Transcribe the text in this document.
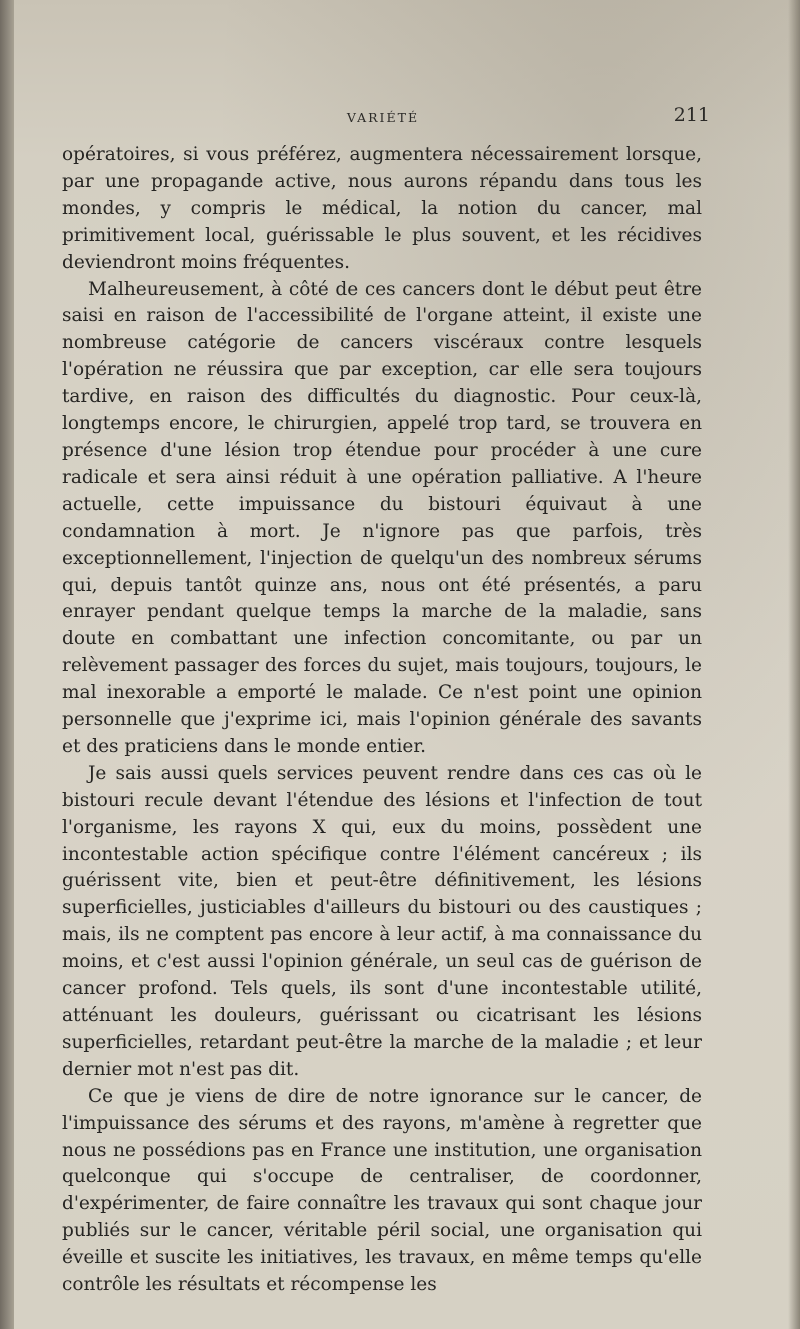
VARIÉTÉ	211

opératoires, si vous préférez, augmentera nécessairement lorsque, par une propagande active, nous aurons répandu dans tous les mondes, y compris le médical, la notion du cancer, mal primitivement local, guérissable le plus souvent, et les récidives deviendront moins fréquentes.

Malheureusement, à côté de ces cancers dont le début peut être saisi en raison de l'accessibilité de l'organe atteint, il existe une nombreuse catégorie de cancers viscéraux contre lesquels l'opération ne réussira que par exception, car elle sera toujours tardive, en raison des difficultés du diagnostic. Pour ceux-là, longtemps encore, le chirurgien, appelé trop tard, se trouvera en présence d'une lésion trop étendue pour procéder à une cure radicale et sera ainsi réduit à une opération palliative. A l'heure actuelle, cette impuissance du bistouri équivaut à une condamnation à mort. Je n'ignore pas que parfois, très exceptionnellement, l'injection de quelqu'un des nombreux sérums qui, depuis tantôt quinze ans, nous ont été présentés, a paru enrayer pendant quelque temps la marche de la maladie, sans doute en combattant une infection concomitante, ou par un relèvement passager des forces du sujet, mais toujours, toujours, le mal inexorable a emporté le malade. Ce n'est point une opinion personnelle que j'exprime ici, mais l'opinion générale des savants et des praticiens dans le monde entier.

Je sais aussi quels services peuvent rendre dans ces cas où le bistouri recule devant l'étendue des lésions et l'infection de tout l'organisme, les rayons X qui, eux du moins, possèdent une incontestable action spécifique contre l'élément cancéreux ; ils guérissent vite, bien et peut-être définitivement, les lésions superficielles, justiciables d'ailleurs du bistouri ou des caustiques ; mais, ils ne comptent pas encore à leur actif, à ma connaissance du moins, et c'est aussi l'opinion générale, un seul cas de guérison de cancer profond. Tels quels, ils sont d'une incontestable utilité, atténuant les douleurs, guérissant ou cicatrisant les lésions superficielles, retardant peut-être la marche de la maladie ; et leur dernier mot n'est pas dit.

Ce que je viens de dire de notre ignorance sur le cancer, de l'impuissance des sérums et des rayons, m'amène à regretter que nous ne possédions pas en France une institution, une organisation quelconque qui s'occupe de centraliser, de coordonner, d'expérimenter, de faire connaître les travaux qui sont chaque jour publiés sur le cancer, véritable péril social, une organisation qui éveille et suscite les initiatives, les travaux, en même temps qu'elle contrôle les résultats et récompense les
